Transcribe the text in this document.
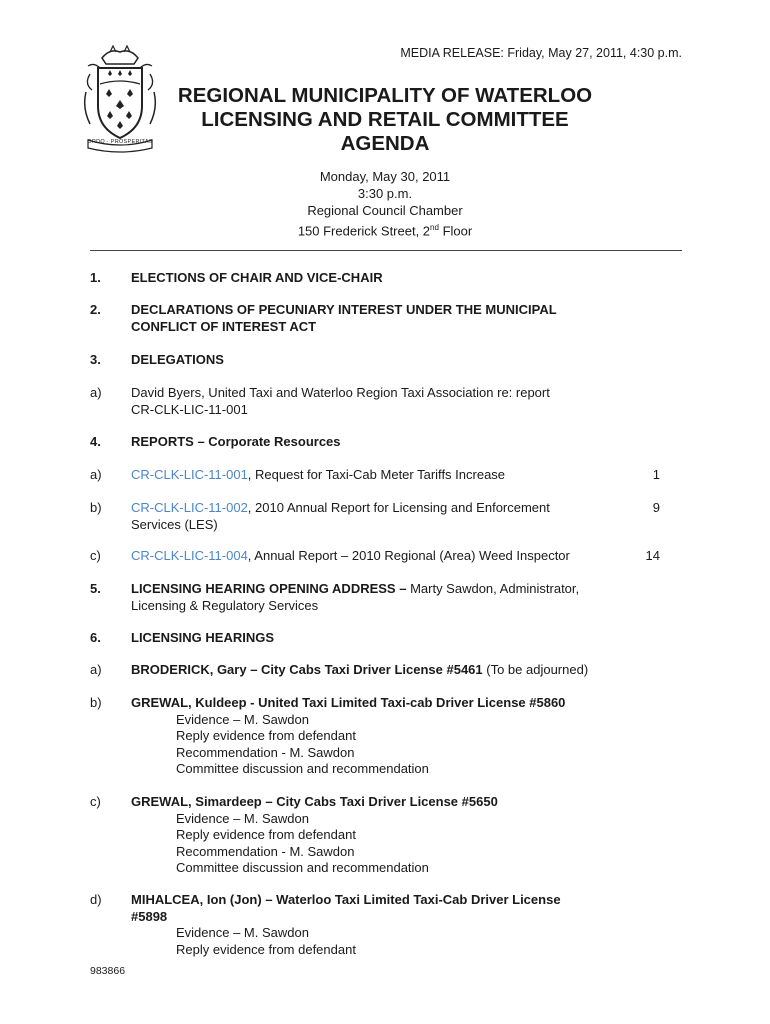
MEDIA RELEASE: Friday, May 27, 2011, 4:30 p.m.
ORDO · PROSPERITAS
REGIONAL MUNICIPALITY OF WATERLOO
LICENSING AND RETAIL COMMITTEE
AGENDA
Monday, May 30, 2011
3:30 p.m.
Regional Council Chamber
150 Frederick Street, 2nd Floor
1. ELECTIONS OF CHAIR AND VICE-CHAIR
2. DECLARATIONS OF PECUNIARY INTEREST UNDER THE MUNICIPAL
CONFLICT OF INTEREST ACT
3. DELEGATIONS
a) David Byers, United Taxi and Waterloo Region Taxi Association re: report
CR-CLK-LIC-11-001
4. REPORTS – Corporate Resources
a) CR-CLK-LIC-11-001, Request for Taxi-Cab Meter Tariffs Increase	1
b) CR-CLK-LIC-11-002, 2010 Annual Report for Licensing and Enforcement
Services (LES)
9
c) CR-CLK-LIC-11-004, Annual Report – 2010 Regional (Area) Weed Inspector	14
5. LICENSING HEARING OPENING ADDRESS – Marty Sawdon, Administrator,
Licensing & Regulatory Services
6. LICENSING HEARINGS
a) BRODERICK, Gary – City Cabs Taxi Driver License #5461 (To be adjourned)
b) GREWAL, Kuldeep - United Taxi Limited Taxi-cab Driver License #5860
Evidence – M. Sawdon
Reply evidence from defendant
Recommendation - M. Sawdon
Committee discussion and recommendation
c) GREWAL, Simardeep – City Cabs Taxi Driver License #5650
Evidence – M. Sawdon
Reply evidence from defendant
Recommendation - M. Sawdon
Committee discussion and recommendation
d) MIHALCEA, Ion (Jon) – Waterloo Taxi Limited Taxi-Cab Driver License
#5898
Evidence – M. Sawdon
Reply evidence from defendant
983866
